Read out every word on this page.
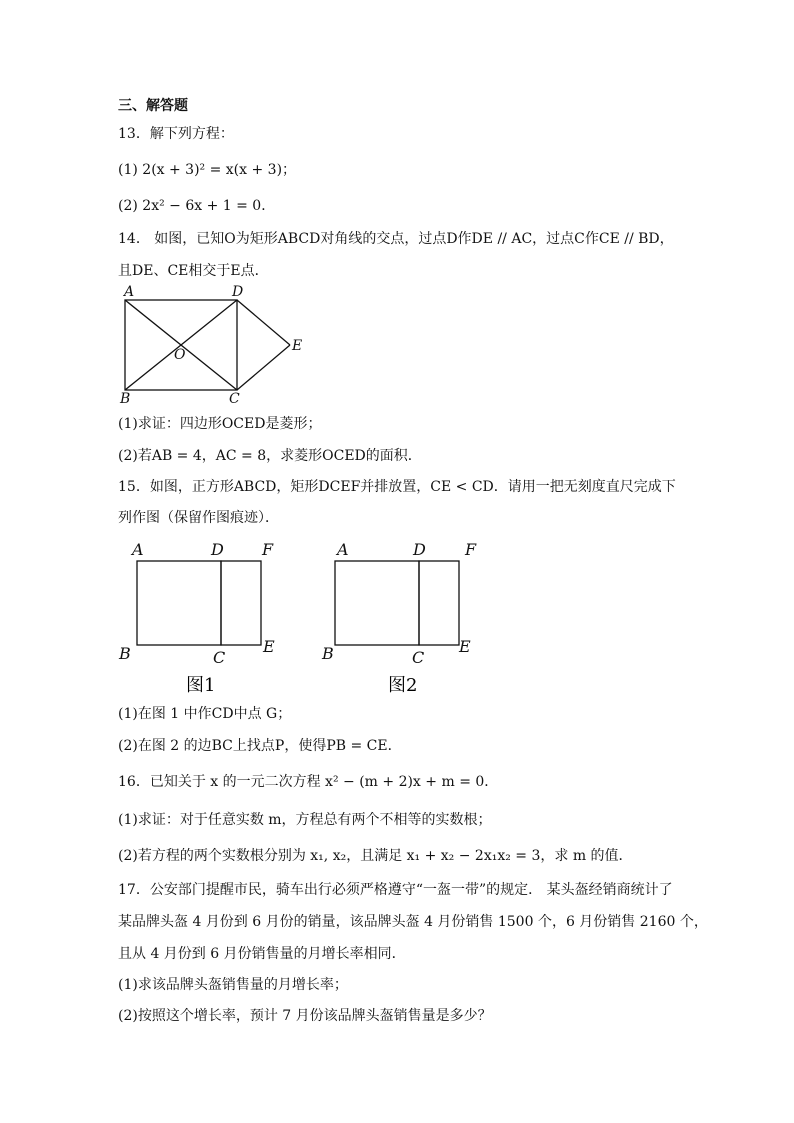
三、解答题
13．解下列方程：
(1) 2(x + 3)² = x(x + 3)；
(2) 2x² − 6x + 1 = 0．
14． 如图，已知O为矩形ABCD对角线的交点，过点D作DE // AC，过点C作CE // BD，
且DE、CE相交于E点．
A	D
O
E
B	C
(1)求证：四边形OCED是菱形；
(2)若AB = 4，AC = 8，求菱形OCED的面积．
15．如图，正方形ABCD，矩形DCEF并排放置，CE < CD．请用一把无刻度直尺完成下
列作图（保留作图痕迹）．
A	D F
B	C
E
图1
A	D F
B	C
E
图2
(1)在图 1 中作CD中点 G；
(2)在图 2 的边BC上找点P，使得PB = CE．
16．已知关于 x 的一元二次方程 x² − (m + 2)x + m = 0．
(1)求证：对于任意实数 m，方程总有两个不相等的实数根；
(2)若方程的两个实数根分别为 x₁, x₂，且满足 x₁ + x₂ − 2x₁x₂ = 3，求 m 的值．
17．公安部门提醒市民，骑车出行必须严格遵守“一盔一带”的规定． 某头盔经销商统计了
某品牌头盔 4 月份到 6 月份的销量，该品牌头盔 4 月份销售 1500 个，6 月份销售 2160 个，
且从 4 月份到 6 月份销售量的月增长率相同．
(1)求该品牌头盔销售量的月增长率；
(2)按照这个增长率，预计 7 月份该品牌头盔销售量是多少？
